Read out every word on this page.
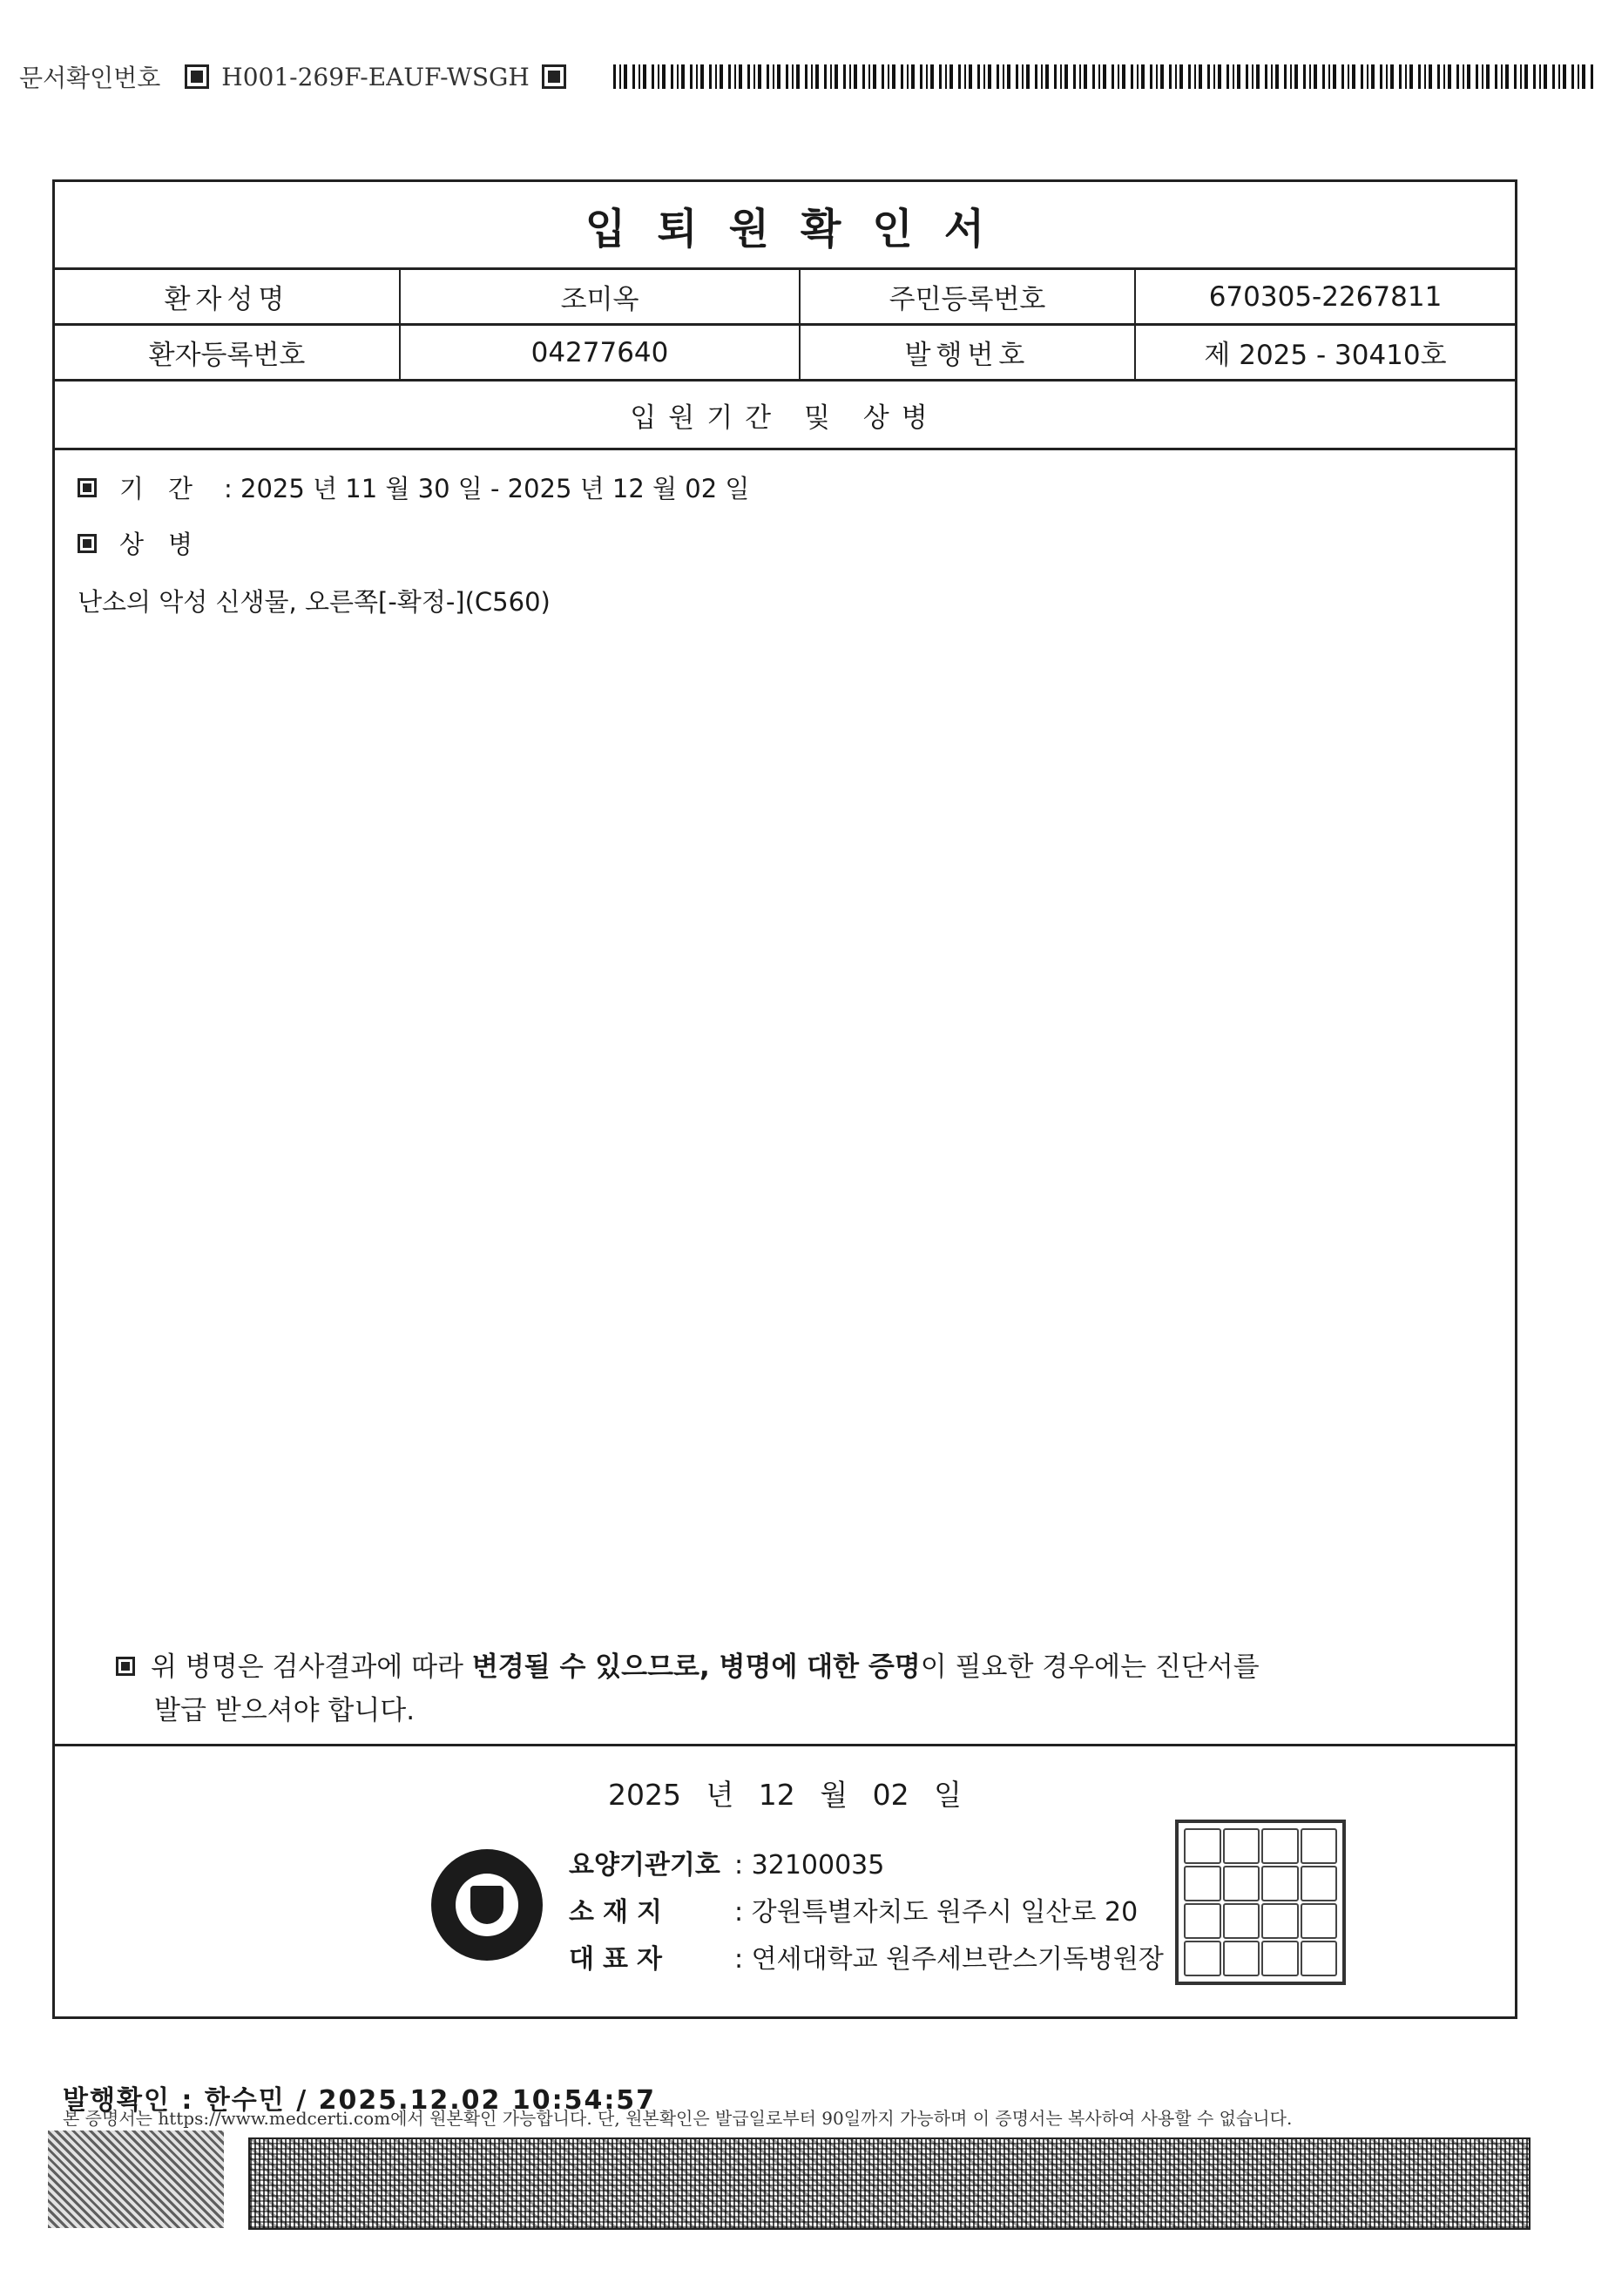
문서확인번호	H001-269F-EAUF-WSGH
입퇴원확인서
환자성명	조미옥	주민등록번호	670305-2267811
환자등록번호	04277640	발행번호	제 2025 - 30410호
입원기간 및 상병
기간 : 2025 년 11 월 30 일 - 2025 년 12 월 02 일
상병
난소의 악성 신생물, 오른쪽[-확정-](C560)
위 병명은 검사결과에 따라 변경될 수 있으므로, 병명에 대한 증명이 필요한 경우에는 진단서를
발급 받으셔야 합니다.
2025 년 12 월 02 일
요양기관기호 : 32100035
소재지 : 강원특별자치도 원주시 일산로 20
대표자 : 연세대학교 원주세브란스기독병원장
발행확인 : 한수민 / 2025.12.02 10:54:57
본 증명서는 https://www.medcerti.com에서 원본확인 가능합니다. 단, 원본확인은 발급일로부터 90일까지 가능하며 이 증명서는 복사하여 사용할 수 없습니다.
